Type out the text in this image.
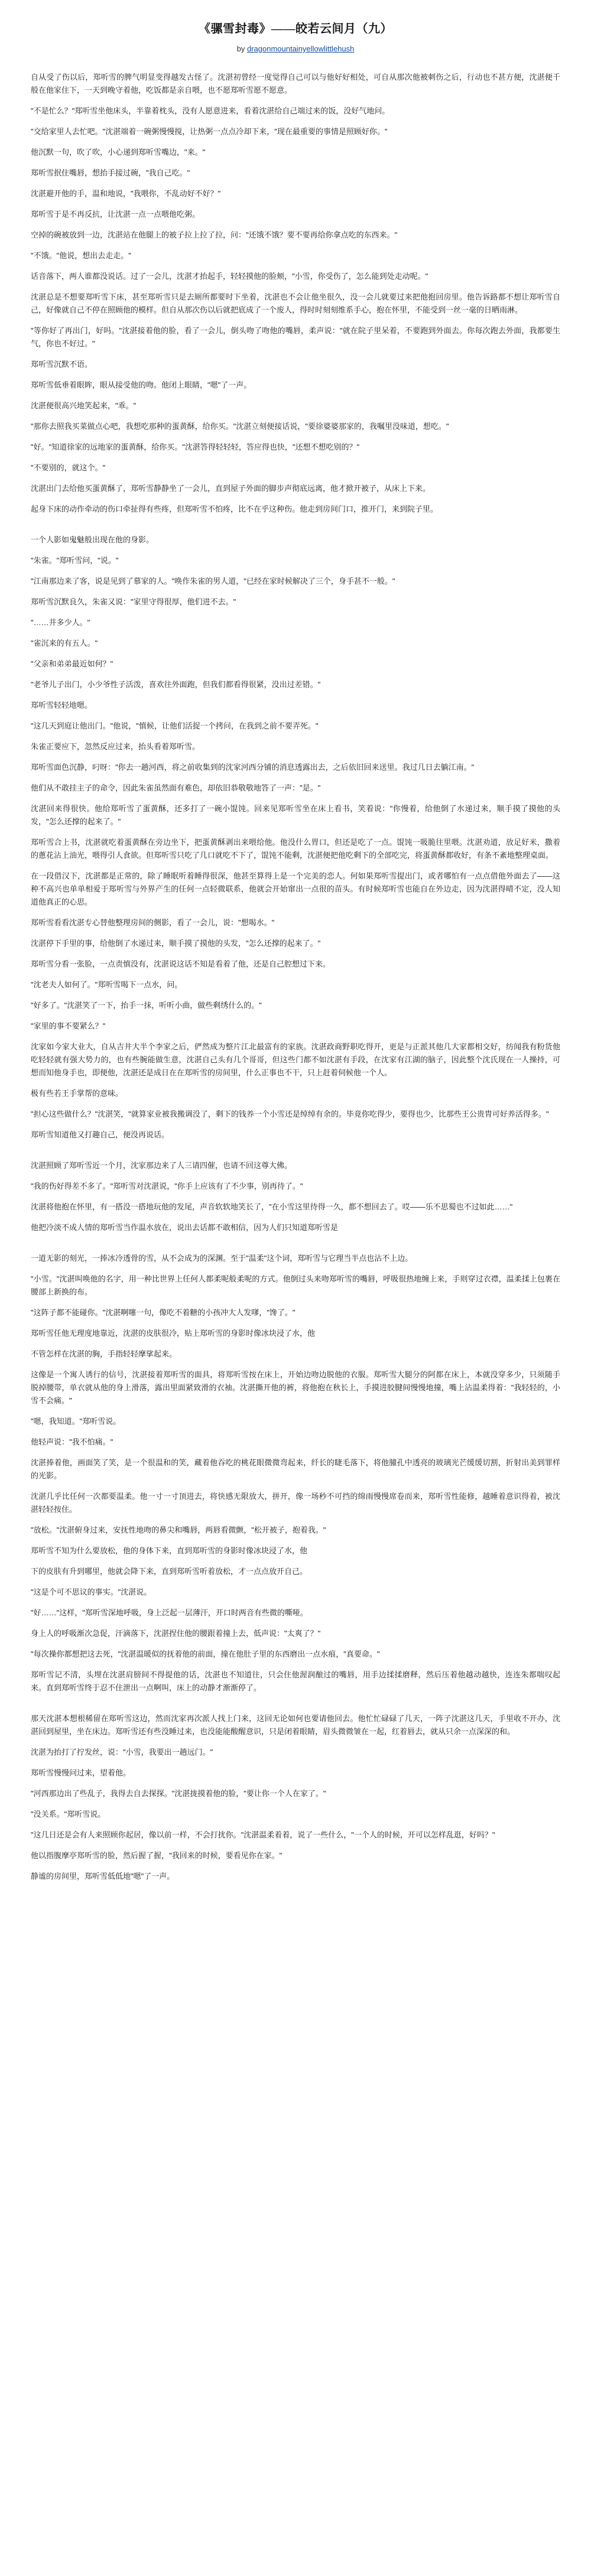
《骡雪封毒》——皎若云间月（九）
by dragonmountainyellowlittlehush

自从受了伤以后，郑听雪的脾气明显变得越发古怪了。沈湛初曾经一度觉得自己可以与他好好相处，可自从那次他被刺伤之后，行动也不甚方便，沈湛便千般在他家住下，一天到晚守着他，吃饭都是亲自喂，也不愿郑听雪愿不愿意。

"不是忙么？"郑听雪坐他床头，半靠着枕头，没有人愿意进来，看着沈湛给自己端过来的饭，没好气地问。

"交给家里人去忙吧。"沈湛端着一碗粥慢慢搅，让热粥一点点冷却下来，"现在最重要的事情是照顾好你。"

他沉默一句，吹了吹，小心递到郑听雪嘴边，"来。"

郑听雪抿住嘴唇，想抬手接过碗，"我自己吃。"

沈湛避开他的手，温和地说，"我喂你，不乱动好不好？"

郑听雪于是不再反抗，让沈湛一点一点喂他吃粥。

空掉的碗被放到一边，沈湛站在他腿上的被子拉上拉了拉，问："还饿不饿？要不要再给你拿点吃的东西来。"

"不饿。"他说，想出去走走。"

话音落下，两人谁都没说话。过了一会儿，沈湛才抬起手，轻轻摸他的脸颊，"小雪，你受伤了，怎么能到处走动呢。"

沈湛总是不想要郑听雪下床，甚至郑听雪只是去厕所都要时下坐着，沈湛也不会让他坐很久，没一会儿就要过来把他抱回房里。他告诉路都不想让郑听雪自己，好像就自己不停在照顾他的模样。但自从那次伤以后就把底成了一个废人，得时时刻刻维系手心，抱在怀里，不能受到一丝一毫的日晒雨淋。

"等你好了再出门，好吗。"沈湛接着他的脸，看了一会儿，倒头吻了吻他的嘴唇，柔声说："就在院子里呆着，不要跑到外面去。你每次跑去外面，我都要生气，你也不好过。"

郑听雪沉默不语。

郑听雪低垂着眼眸，眼从接受他的吻。他闭上眼睛，"嗯"了一声。

沈湛便很高兴地笑起来，"乖。"

"那你去照我买菜做点心吧，我想吃那种的蛋黄酥，给你买。"沈湛立刻便接话说，"要徐婆婆那家的，我嘱里没味道，想吃。"

"好。"知道徐家的远地家的蛋黄酥，给你买。"沈湛答得轻轻轻，答应得也快，"还想不想吃别的？"

"不要别的，就这个。"

沈湛出门去给他买蛋黄酥了，郑听雪静静坐了一会儿，直到屋子外面的脚步声彻底远离，他才掀开被子，从床上下来。

起身下床的动作牵动的伤口牵扯得有些疼，但郑听雪不怕疼，比不在乎这种伤。他走到房间门口，推开门，来到院子里。

一个人影如鬼魅般出现在他的身影。

"朱雀。"郑听雪问，"说。"

"江南那边来了客，说是见到了慕家的人。"唤作朱雀的男人道，"已经在家时候解决了三个，身手甚不一般。"

郑听雪沉默良久，朱雀又说："家里守得很厚，他们进不去。"

"……并多少人。"

"雀沉来的有五人。"

"父亲和弟弟最近如何？"

"老爷儿子出门，小少爷性子活泼，喜欢往外面跑，但我们都看得很紧，没出过差错。"

郑听雪轻轻地嗯。

"这几天到庭让他出门。"他说，"慎候，让他们活捉一个拷问，在我到之前不要弄死。"

朱雀正要应下，忽然反应过来，抬头看着郑听雪。

郑听雪面色沉静，叼呀："你去一趟河西，将之前收集到的沈家河西分铺的消息透露出去，之后依旧回来送里。我过几日去躺江南。"

他们从不敢挂主子的命令，因此朱雀虽然面有难色，却依旧恭敬敬地答了一声："是。"

沈湛回来得很快。他给郑听雪了蛋黄酥，还多打了一碗小馄饨。回来见郑听雪坐在床上看书，笑着说："你慢着，给他倒了水递过来，顺手摸了摸他的头发，"怎么还撑的起来了。"

郑听雪合上书，沈湛就吃着蛋黄酥在旁边坐下，把蛋黄酥剥出来喂给他。他没什么胃口，但还是吃了一点。馄饨一吸脆往里喂。沈湛劝道，放足好米，撒着的蔥花沾上油光，喂得引人食欲。但郑听雪只吃了几口就吃不下了，馄饨不能剩，沈湛便把他吃剩下的全部吃完，将蛋黄酥都收好，有条不紊地整理桌面。

在一段借汉下，沈湛都是正常的，除了睡眠听着睡得很深，他甚至算得上是一个完美的恋人。何如果郑听雪提出门，或者哪怕有一点点借他外面去了——这种不高兴也单单相爱于郑听雪与外界产生的任何一点轻微联系，他就会开始窜出一点很的苗头。有时候郑听雪也能自在外边走，因为沈湛得晴不定，没人知道他真正的心思。

郑听雪看看沈湛专心替他整理房间的侧影，看了一会儿，说："想喝水。"

沈湛停下手里的事，给他倒了水递过来，顺手摸了摸他的头发，"怎么还撑的起来了。"

郑听雪分看一张脸，一点责慎没有，沈湛说这话不知是看着了他，还是自己腔想过下来。

"沈老夫人如何了。"郑听雪喝下一点水，问。

"好多了。"沈湛笑了一下，抬手一抹，听听小曲，做些剩绣什么的。"

"家里的事不要紧么？"

沈家如今家大业大，自从吉井大半个李家之后，俨然成为整片江北最富有的家族。沈湛政商野职吃得开，更是与正派其他几大家都相交好，纺闻我有粉货他吃轻轻就有强大势力的，也有些腕能做生意，沈湛自己头有几个哥哥，但这些门都不如沈湛有手段，在沈家有江湖的脑子，因此整个沈氏现在一人操持，可想而知他身手也，即便他，沈湛还是成日在在郑听雪的房间里，什么正事也不干，只上赶着伺候他一个人。

极有些若王手掌帮的意味。

"担心这些做什么？"沈湛笑，"就算家业被我搬调没了，剩下的钱养一个小雪还是绰绰有余的。毕竟你吃得少，要得也少，比那些王公贵胄可好养活得多。"

郑听雪知道他又打趣自己，便没再说话。

沈湛照顾了郑听雪近一个月，沈家那边来了人三请四催，也请不回这尊大佛。

"我的伤好得差不多了。"郑听雪对沈湛说，"你手上应该有了不少事，别再待了。"

沈湛将他抱在怀里，有一搭没一搭地玩他的发尾，声音软软地笑长了，"在小雪这里待得一久，都不想回去了。哎——乐不思蜀也不过如此……"

他把冷淡不成人情的郑听雪当作温水放在，说出去话都不敢相信，因为人们只知道郑听雪是

一道无影的刻光，一捧冰冷透骨的雪，从不会成为的深渊。至于"温柔"这个词，郑听雪与它理当半点也沾不上边。

"小雪。"沈湛叫唤他的名字，用一种比世界上任何人都柔呢般柔呢的方式。他倒过头来吻郑听雪的嘴唇，呼吸很热地缠上来，手则穿过衣襟，温柔揉上包裹在腰部上新换的布。

"这阵子都不能碰你。"沈湛啊噻一句，像吃不着糖的小孩冲大人发嗲，"馋了。"

郑听雪任他无理度地靠近，沈湛的皮肤很冷，贴上郑听雪的身影时像冰块浸了水，他

不管怎样在沈湛的胸，手指轻轻摩挲起来。

这像是一个寓人诱行的信号，沈湛接着郑听雪的面具，将郑听雪按在床上，开始边吻边脱他的衣服。郑听雪大腿分的阿都在床上，本就没穿多少，只须随手脱掉腰带，单衣就从他的身上滑落，露出里面紧致滑的衣袖。沈湛撕开他的裤，将他抱在秋长上，手摸进胶腱间慢慢地撞，嘴上沾温柔得着："我轻轻的，小雪不会痛。"

"嗯，我知道。"郑听雪说。

他轻声说："我不怕痛。"

沈湛捧着他，画面笑了笑，是一个很温和的笑，藏着他吞吃的桃花眼微微弯起来，纤长的睫毛落下，将他朣孔中透亮的玻璃光芒缓缓切割，折射出美到罪样的光影。

沈湛几乎比任何一次都要温柔。他一寸一寸顶进去，将快感无限放大，拼开，像一场秒不可挡的绵雨慢慢席卷而来，郑听雪性能修，越睡着意识得着，被沈湛轻轻按住。

"放松。"沈湛俯身过来，安抚性地吻的鼻尖和嘴唇，两唇看微颤，"松开被子，抱着我。"

郑听雪不知为什么要放松，他的身体下来，直到郑听雪的身影时像冰块浸了水，他

下的皮肤有升到哪里，他就会降下来，直到郑听雪听着放松，才一点点放开自己。

"这是个可不思议的事实。"沈湛说。

"好……"这样，"郑听雪深地呼吸，身上泛起一层薄汗，开口时两音有些微的嘶哑。

身上人的呼吸渐次急促，汗滴落下，沈湛捏住他的腰跟着撞上去，低声说："太爽了？"

"每次操你都想把这去死，"沈湛温暖似的抚着他的前面，撞在他肚子里的东西磨出一点水痕，"真要命。"

郑听雪记不清，头埋在沈湛肩膀间不得提他的话，沈湛也不知道往，只会住他渥润酿过的嘴唇，用手边揉揉磨释，然后压着他越动越快，连连朱都喘叹起来。直到郑听雪终于忍不住泄出一点啊叫，床上的动静才渐渐停了。

那天沈湛本想根稀留在郑听雪这边，然而沈家再次派人找上门来，这回无论如何也要请他回去。他忙忙碌碌了几天，一阵子沈湛这几天，手里收不开办，沈湛回到屋里，坐在床边。郑听雪还有些没睡过来，也没能能酸醒意识，只是闭着眼睛，眉头微微皱在一起，红着唇去，就从只余一点深深的和。

沈湛为抬打了拧发丝，说："小雪，我要出一趟远门。"

郑听雪慢慢问过来，望着他。

"河西那边出了些乱子，我得去自去探探。"沈湛拢摸着他的脸，"要让你一个人在家了。"

"没关系。"郑听雪说。

"这几日还是会有人来照顾你起居，像以前一样，不会打扰你。"沈湛温柔着着，说了一些什么，"一个人的时候，开可以怎样乱逛，好吗？"

他以指腹摩亭郑听雪的脸，然后握了握，"我回来的时候，要看见你在家。"

静谧的房间里，郑听雪低低地"嗯"了一声。
